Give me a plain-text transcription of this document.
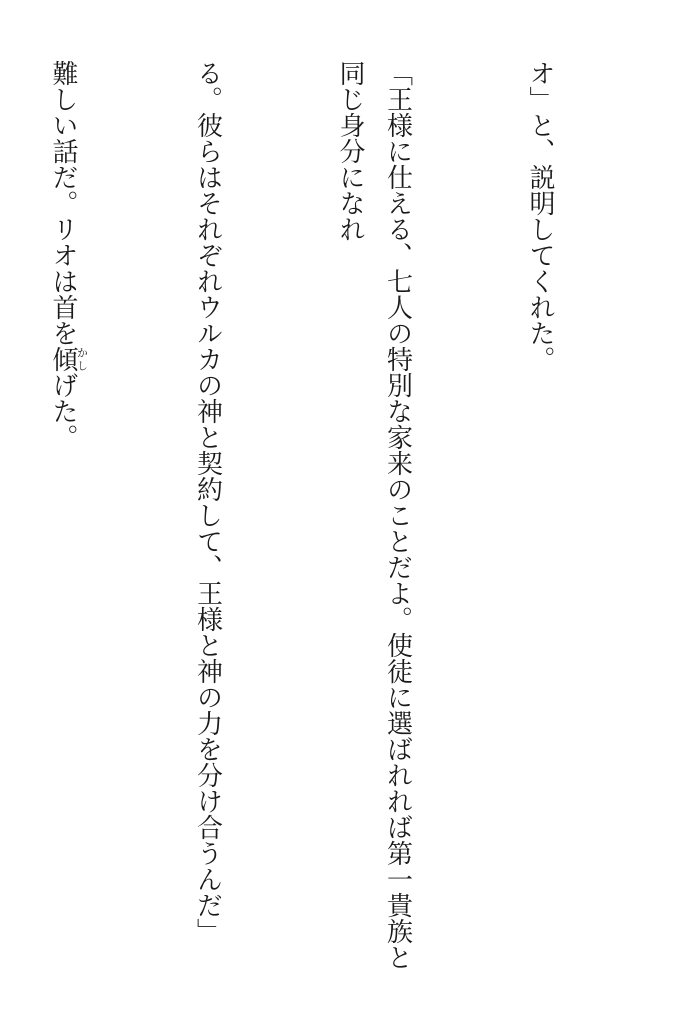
オ」と、説明してくれた。

「王様に仕える、七人の特別な家来のことだよ。使徒に選ばれれば第一貴族と同じ身分になれ

る。彼らはそれぞれウルカの神と契約して、王様と神の力を分け合うんだ」

難しい話だ。リオは首を傾かしげた。
